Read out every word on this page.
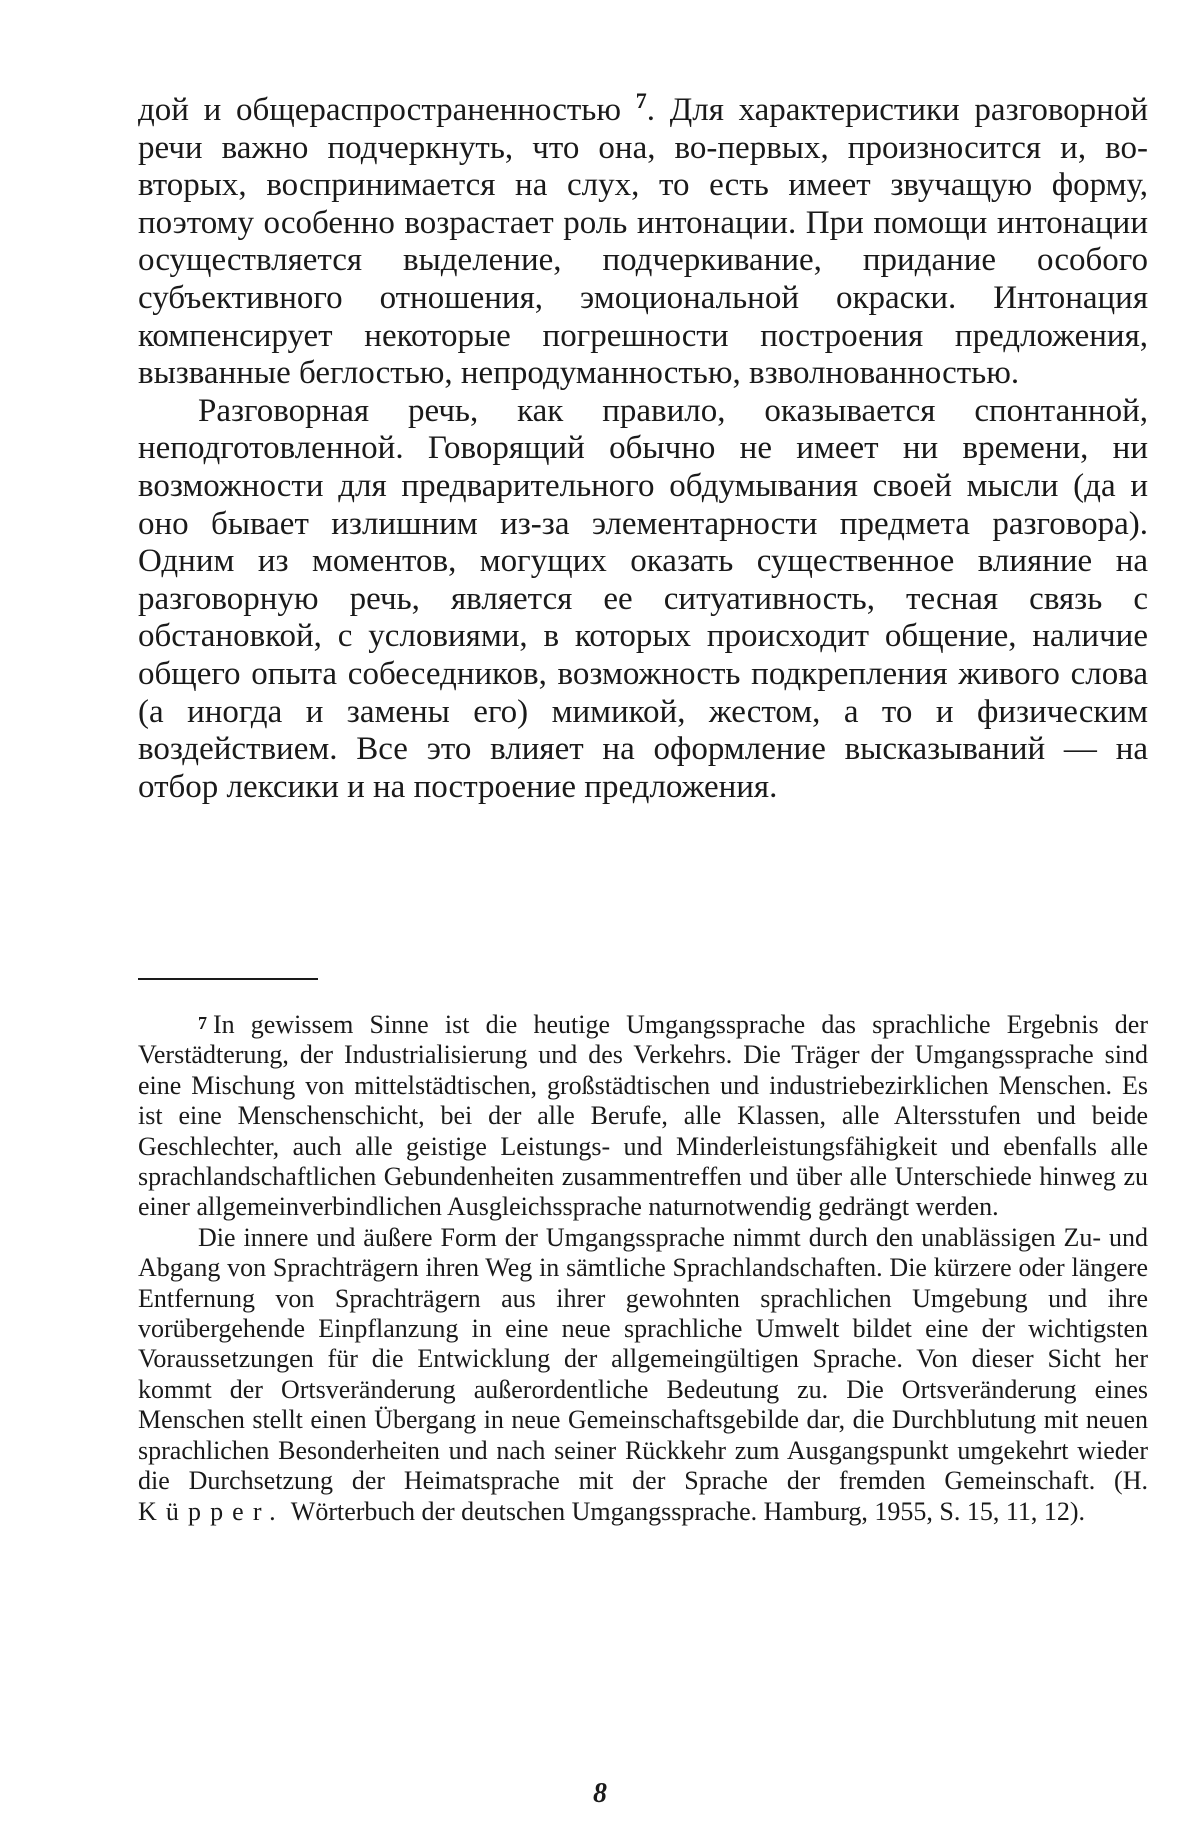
дой и общераспространенностью $^7$. Для характеристики разговорной речи важно подчеркнуть, что она, во-первых, произносится и, во-вторых, воспринимается на слух, то есть имеет звучащую форму, поэтому особенно возрастает роль интонации. При помощи интонации осуществляется выделение, подчеркивание, придание особого субъективного отношения, эмоциональной окраски. Интонация компенсирует некоторые погрешности построения предложения, вызванные беглостью, непродуманностью, взволнованностью.

Разговорная речь, как правило, оказывается спонтанной, неподготовленной. Говорящий обычно не имеет ни времени, ни возможности для предварительного обдумывания своей мысли (да и оно бывает излишним из-за элементарности предмета разговора). Одним из моментов, могущих оказать существенное влияние на разговорную речь, является ее ситуативность, тесная связь с обстановкой, с условиями, в которых происходит общение, наличие общего опыта собеседников, возможность подкрепления живого слова (а иногда и замены его) мимикой, жестом, а то и физическим воздействием. Все это влияет на оформление высказываний — на отбор лексики и на построение предложения.

7 In gewissem Sinne ist die heutige Umgangssprache das sprachliche Ergebnis der Verstädterung, der Industrialisierung und des Verkehrs. Die Träger der Umgangssprache sind eine Mischung von mittelstädtischen, großstädtischen und industriebezirklichen Menschen. Es ist eine Menschenschicht, bei der alle Berufe, alle Klassen, alle Altersstufen und beide Geschlechter, auch alle geistige Leistungs- und Minderleistungsfähigkeit und ebenfalls alle sprachlandschaftlichen Gebundenheiten zusammentreffen und über alle Unterschiede hinweg zu einer allgemeinverbindlichen Ausgleichssprache naturnotwendig gedrängt werden.

Die innere und äußere Form der Umgangssprache nimmt durch den unablässigen Zu- und Abgang von Sprachträgern ihren Weg in sämtliche Sprachlandschaften. Die kürzere oder längere Entfernung von Sprachträgern aus ihrer gewohnten sprachlichen Umgebung und ihre vorübergehende Einpflanzung in eine neue sprachliche Umwelt bildet eine der wichtigsten Voraussetzungen für die Entwicklung der allgemeingültigen Sprache. Von dieser Sicht her kommt der Ortsveränderung außerordentliche Bedeutung zu. Die Ortsveränderung eines Menschen stellt einen Übergang in neue Gemeinschaftsgebilde dar, die Durchblutung mit neuen sprachlichen Besonderheiten und nach seiner Rückkehr zum Ausgangspunkt umgekehrt wieder die Durchsetzung der Heimatsprache mit der Sprache der fremden Gemeinschaft. (H. Küpper. Wörterbuch der deutschen Umgangssprache. Hamburg, 1955, S. 15, 11, 12).

8
